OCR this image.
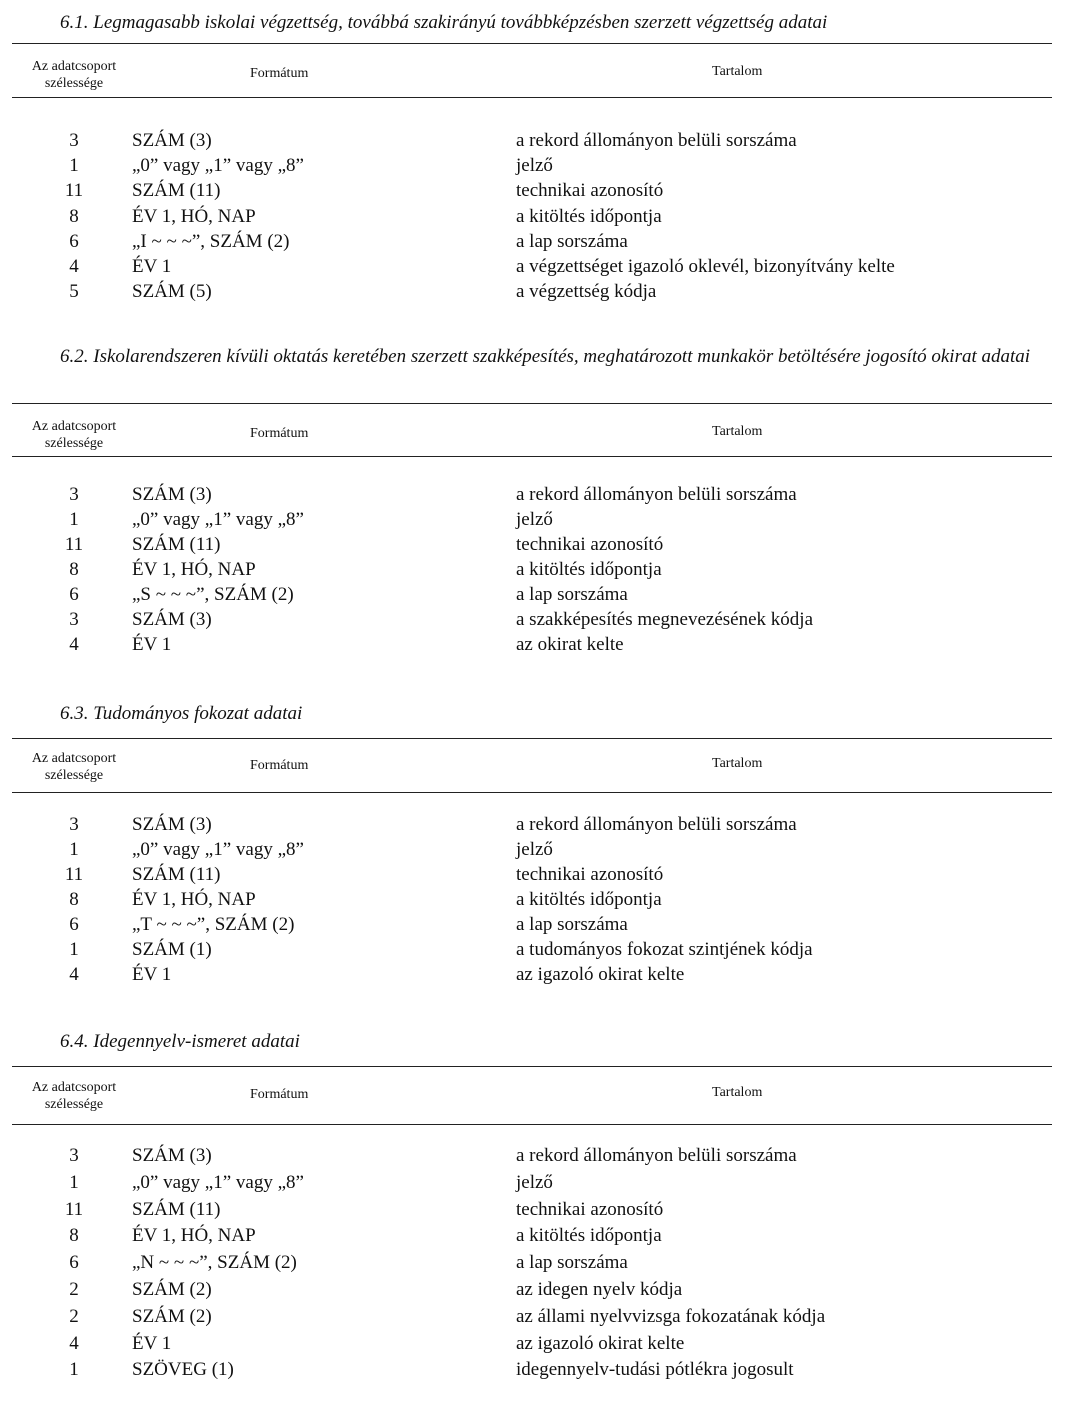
6.1. Legmagasabb iskolai végzettség, továbbá szakirányú továbbképzésben szerzett végzettség adatai
Az adatcsoport
szélessége
Formátum	Tartalom
3	SZÁM (3)	a rekord állományon belüli sorszáma
1	„0” vagy „1” vagy „8”	jelző
11	SZÁM (11)	technikai azonosító
8	ÉV 1, HÓ, NAP	a kitöltés időpontja
6	„I ~ ~ ~”, SZÁM (2)	a lap sorszáma
4	ÉV 1	a végzettséget igazoló oklevél, bizonyítvány kelte
5	SZÁM (5)	a végzettség kódja
6.2. Iskolarendszeren kívüli oktatás keretében szerzett szakképesítés, meghatározott munkakör betöltésére jogosító okirat adatai
Az adatcsoport
szélessége
Formátum	Tartalom
3	SZÁM (3)	a rekord állományon belüli sorszáma
1	„0” vagy „1” vagy „8”	jelző
11	SZÁM (11)	technikai azonosító
8	ÉV 1, HÓ, NAP	a kitöltés időpontja
6	„S ~ ~ ~”, SZÁM (2)	a lap sorszáma
3	SZÁM (3)	a szakképesítés megnevezésének kódja
4	ÉV 1	az okirat kelte
6.3. Tudományos fokozat adatai
Az adatcsoport
szélessége
Formátum	Tartalom
3	SZÁM (3)	a rekord állományon belüli sorszáma
1	„0” vagy „1” vagy „8”	jelző
11	SZÁM (11)	technikai azonosító
8	ÉV 1, HÓ, NAP	a kitöltés időpontja
6	„T ~ ~ ~”, SZÁM (2)	a lap sorszáma
1	SZÁM (1)	a tudományos fokozat szintjének kódja
4	ÉV 1	az igazoló okirat kelte
6.4. Idegennyelv-ismeret adatai
Az adatcsoport
szélessége
Formátum	Tartalom
3	SZÁM (3)	a rekord állományon belüli sorszáma
1	„0” vagy „1” vagy „8”	jelző
11	SZÁM (11)	technikai azonosító
8	ÉV 1, HÓ, NAP	a kitöltés időpontja
6	„N ~ ~ ~”, SZÁM (2)	a lap sorszáma
2	SZÁM (2)	az idegen nyelv kódja
2	SZÁM (2)	az állami nyelvvizsga fokozatának kódja
4	ÉV 1	az igazoló okirat kelte
1	SZÖVEG (1)	idegennyelv-tudási pótlékra jogosult
